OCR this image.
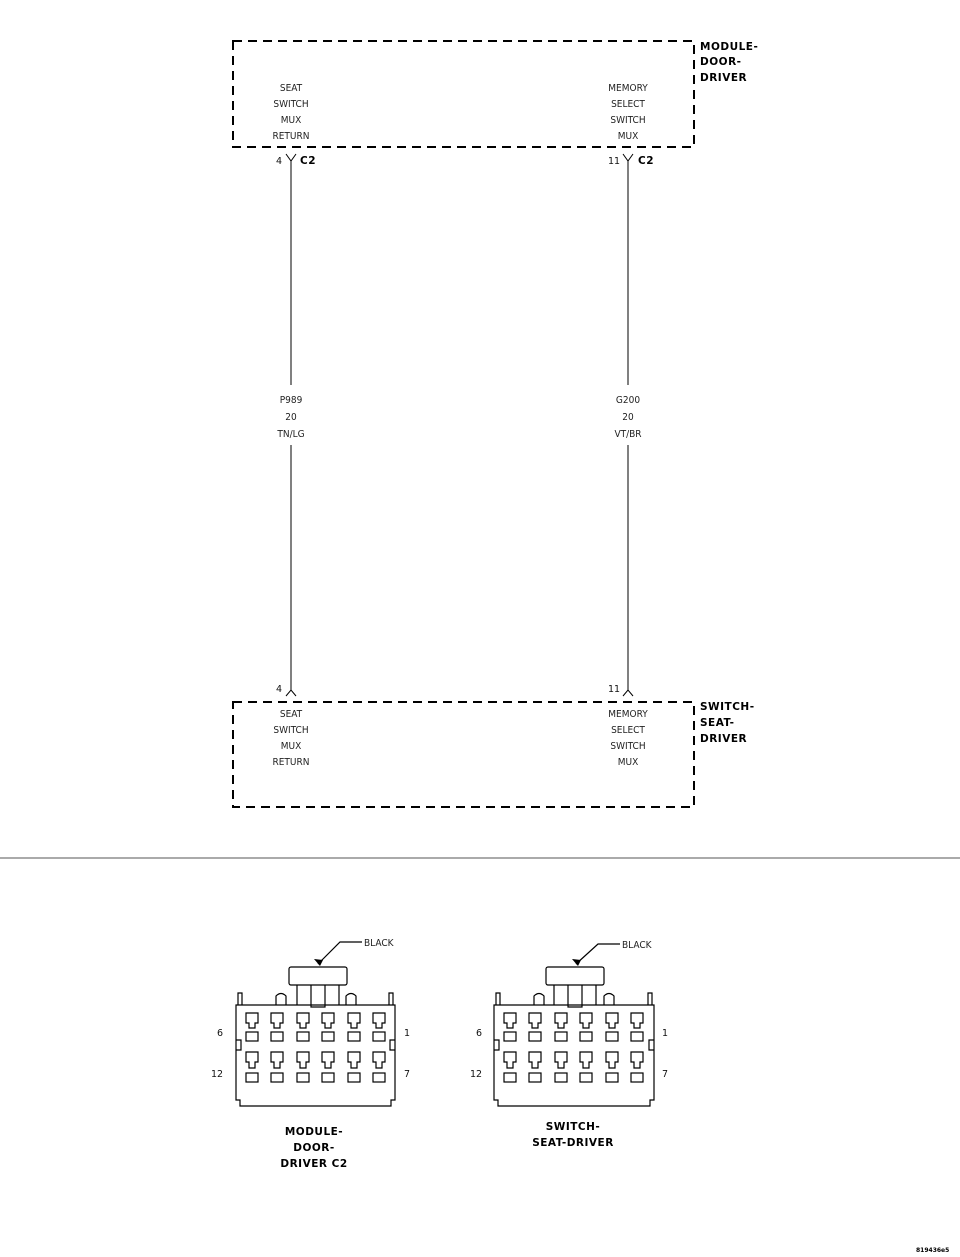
MODULE-
DOOR-
DRIVER
SEAT
SWITCH
MUX
RETURN
MEMORY
SELECT
SWITCH
MUX
4 C2	11 C2
P989
20
TN/LG
G200
20
VT/BR
4	11
SWITCH-
SEAT-
DRIVER
SEAT
SWITCH
MUX
RETURN
MEMORY
SELECT
SWITCH
MUX
BLACK
6	1
12	7
MODULE-
DOOR-
DRIVER C2
BLACK
6	1
12	7
SWITCH-
SEAT-DRIVER
819436e5
